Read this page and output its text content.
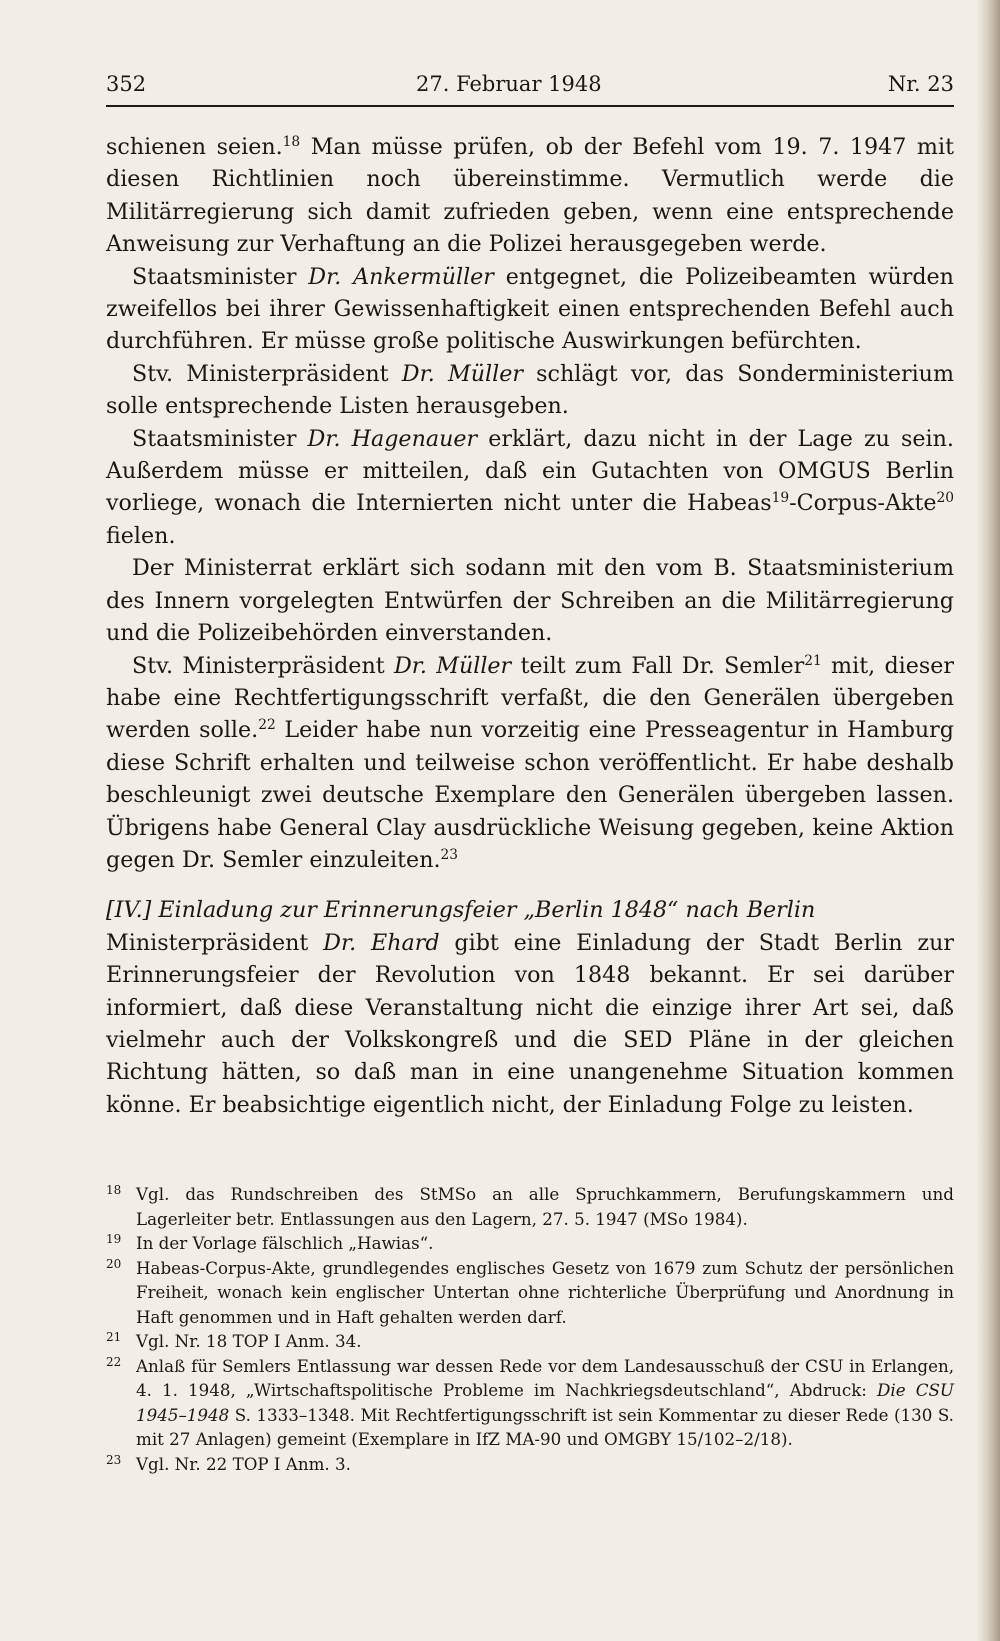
352	27. Februar 1948	Nr. 23

schienen seien.$^{18}$ Man müsse prüfen, ob der Befehl vom 19. 7. 1947 mit diesen Richtlinien noch übereinstimme. Vermutlich werde die Militärregierung sich damit zufrieden geben, wenn eine entsprechende Anweisung zur Verhaftung an die Polizei herausgegeben werde.

Staatsminister Dr. Ankermüller entgegnet, die Polizeibeamten würden zweifellos bei ihrer Gewissenhaftigkeit einen entsprechenden Befehl auch durchführen. Er müsse große politische Auswirkungen befürchten.

Stv. Ministerpräsident Dr. Müller schlägt vor, das Sonderministerium solle entsprechende Listen herausgeben.

Staatsminister Dr. Hagenauer erklärt, dazu nicht in der Lage zu sein. Außerdem müsse er mitteilen, daß ein Gutachten von OMGUS Berlin vorliege, wonach die Internierten nicht unter die Habeas$^{19}$-Corpus-Akte$^{20}$ fielen.

Der Ministerrat erklärt sich sodann mit den vom B. Staatsministerium des Innern vorgelegten Entwürfen der Schreiben an die Militärregierung und die Polizeibehörden einverstanden.

Stv. Ministerpräsident Dr. Müller teilt zum Fall Dr. Semler$^{21}$ mit, dieser habe eine Rechtfertigungsschrift verfaßt, die den Generälen übergeben werden solle.$^{22}$ Leider habe nun vorzeitig eine Presseagentur in Hamburg diese Schrift erhalten und teilweise schon veröffentlicht. Er habe deshalb beschleunigt zwei deutsche Exemplare den Generälen übergeben lassen. Übrigens habe General Clay ausdrückliche Weisung gegeben, keine Aktion gegen Dr. Semler einzuleiten.$^{23}$

[IV.] Einladung zur Erinnerungsfeier „Berlin 1848“ nach Berlin

Ministerpräsident Dr. Ehard gibt eine Einladung der Stadt Berlin zur Erinnerungsfeier der Revolution von 1848 bekannt. Er sei darüber informiert, daß diese Veranstaltung nicht die einzige ihrer Art sei, daß vielmehr auch der Volkskongreß und die SED Pläne in der gleichen Richtung hätten, so daß man in eine unangenehme Situation kommen könne. Er beabsichtige eigentlich nicht, der Einladung Folge zu leisten.

18 Vgl. das Rundschreiben des StMSo an alle Spruchkammern, Berufungskammern und Lagerleiter betr. Entlassungen aus den Lagern, 27. 5. 1947 (MSo 1984).
19 In der Vorlage fälschlich „Hawias“.
20 Habeas-Corpus-Akte, grundlegendes englisches Gesetz von 1679 zum Schutz der persönlichen Freiheit, wonach kein englischer Untertan ohne richterliche Überprüfung und Anordnung in Haft genommen und in Haft gehalten werden darf.
21 Vgl. Nr. 18 TOP I Anm. 34.
22 Anlaß für Semlers Entlassung war dessen Rede vor dem Landesausschuß der CSU in Erlangen, 4. 1. 1948, „Wirtschaftspolitische Probleme im Nachkriegsdeutschland“, Abdruck: Die CSU 1945–1948 S. 1333–1348. Mit Rechtfertigungsschrift ist sein Kommentar zu dieser Rede (130 S. mit 27 Anlagen) gemeint (Exemplare in IfZ MA-90 und OMGBY 15/102–2/18).
23 Vgl. Nr. 22 TOP I Anm. 3.
